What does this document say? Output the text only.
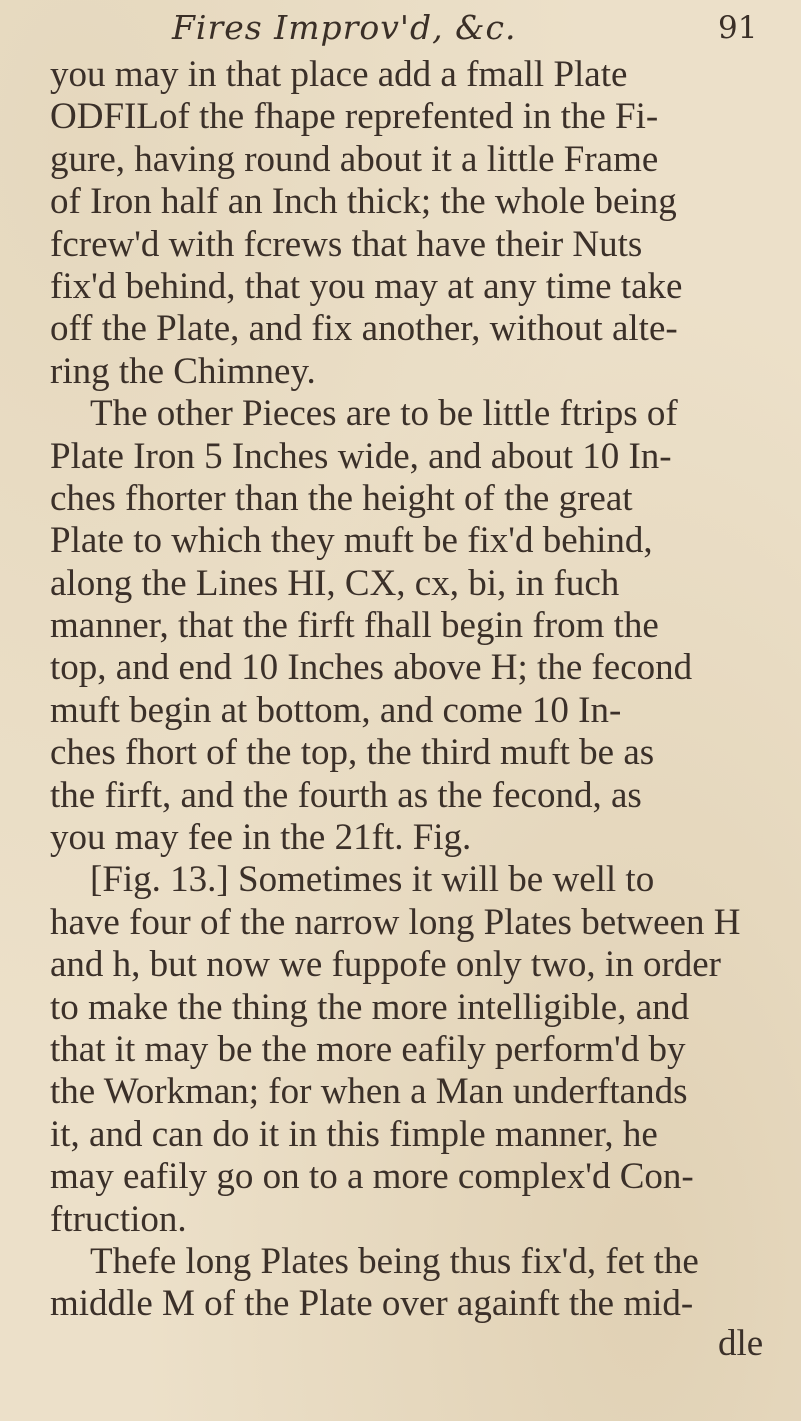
Fires Improv'd, &c.	91
you may in that place add a fmall Plate
ODFILof the fhape reprefented in the Fi-
gure, having round about it a little Frame
of Iron half an Inch thick; the whole being
fcrew'd with fcrews that have their Nuts
fix'd behind, that you may at any time take
off the Plate, and fix another, without alte-
ring the Chimney.
The other Pieces are to be little ftrips of
Plate Iron 5 Inches wide, and about 10 In-
ches fhorter than the height of the great
Plate to which they muft be fix'd behind,
along the Lines HI, CX, cx, bi, in fuch
manner, that the firft fhall begin from the
top, and end 10 Inches above H; the fecond
muft begin at bottom, and come 10 In-
ches fhort of the top, the third muft be as
the firft, and the fourth as the fecond, as
you may fee in the 21ft. Fig.
[Fig. 13.] Sometimes it will be well to
have four of the narrow long Plates between H
and h, but now we fuppofe only two, in order
to make the thing the more intelligible, and
that it may be the more eafily perform'd by
the Workman; for when a Man underftands
it, and can do it in this fimple manner, he
may eafily go on to a more complex'd Con-
ftruction.
Thefe long Plates being thus fix'd, fet the
middle M of the Plate over againft the mid-
dle
